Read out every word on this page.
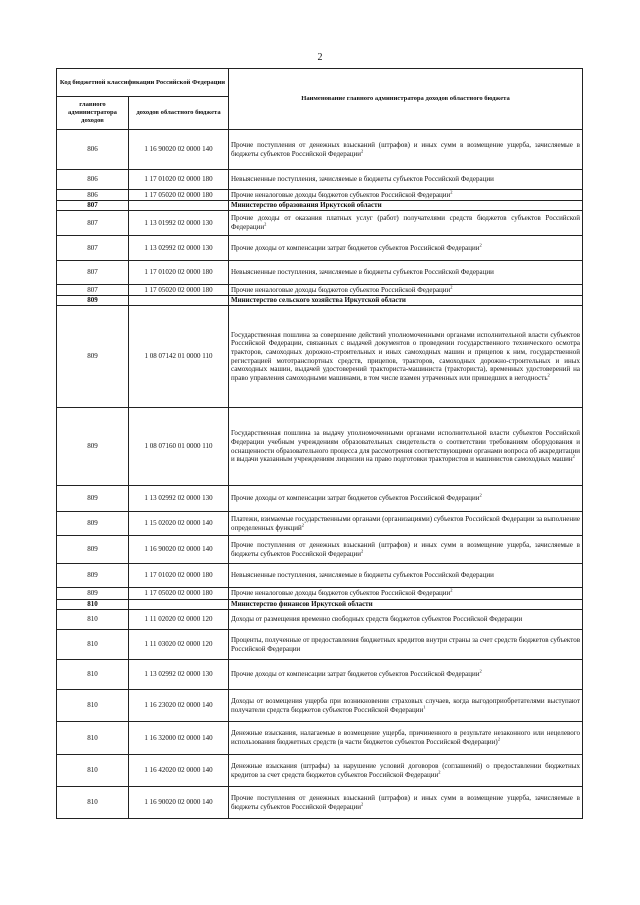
2
Код бюджетной классификации Российской Федерации		Наименование главного администратора доходов областного бюджета
главного администратора доходов	доходов областного бюджета	
806	1 16 90020 02 0000 140	Прочие поступления от денежных взысканий (штрафов) и иных сумм в возмещение ущерба, зачисляемые в бюджеты субъектов Российской Федерации$^2$
806	1 17 01020 02 0000 180	Невыясненные поступления, зачисляемые в бюджеты субъектов Российской Федерации
806	1 17 05020 02 0000 180	Прочие неналоговые доходы бюджетов субъектов Российской Федерации$^2$
807		Министерство образования Иркутской области
807	1 13 01992 02 0000 130	Прочие доходы от оказания платных услуг (работ) получателями средств бюджетов субъектов Российской Федерации$^2$
807	1 13 02992 02 0000 130	Прочие доходы от компенсации затрат бюджетов субъектов Российской Федерации$^2$
807	1 17 01020 02 0000 180	Невыясненные поступления, зачисляемые в бюджеты субъектов Российской Федерации
807	1 17 05020 02 0000 180	Прочие неналоговые доходы бюджетов субъектов Российской Федерации$^2$
809		Министерство сельского хозяйства Иркутской области
809	1 08 07142 01 0000 110	Государственная пошлина за совершение действий уполномоченными органами исполнительной власти субъектов Российской Федерации, связанных с выдачей документов о проведении государственного технического осмотра тракторов, самоходных дорожно-строительных и иных самоходных машин и прицепов к ним, государственной регистрацией мототранспортных средств, прицепов, тракторов, самоходных дорожно-строительных и иных самоходных машин, выдачей удостоверений тракториста-машиниста (тракториста), временных удостоверений на право управления самоходными машинами, в том числе взамен утраченных или пришедших в негодность$^2$
809	1 08 07160 01 0000 110	Государственная пошлина за выдачу уполномоченными органами исполнительной власти субъектов Российской Федерации учебным учреждениям образовательных свидетельств о соответствии требованиям оборудования и оснащенности образовательного процесса для рассмотрения соответствующими органами вопроса об аккредитации и выдачи указанным учреждениям лицензии на право подготовки трактористов и машинистов самоходных машин$^2$
809	1 13 02992 02 0000 130	Прочие доходы от компенсации затрат бюджетов субъектов Российской Федерации$^2$
809	1 15 02020 02 0000 140	Платежи, взимаемые государственными органами (организациями) субъектов Российской Федерации за выполнение определенных функций$^2$
809	1 16 90020 02 0000 140	Прочие поступления от денежных взысканий (штрафов) и иных сумм в возмещение ущерба, зачисляемые в бюджеты субъектов Российской Федерации$^2$
809	1 17 01020 02 0000 180	Невыясненные поступления, зачисляемые в бюджеты субъектов Российской Федерации
809	1 17 05020 02 0000 180	Прочие неналоговые доходы бюджетов субъектов Российской Федерации$^2$
810		Министерство финансов Иркутской области
810	1 11 02020 02 0000 120	Доходы от размещения временно свободных средств бюджетов субъектов Российской Федерации
810	1 11 03020 02 0000 120	Проценты, полученные от предоставления бюджетных кредитов внутри страны за счет средств бюджетов субъектов Российской Федерации
810	1 13 02992 02 0000 130	Прочие доходы от компенсации затрат бюджетов субъектов Российской Федерации$^2$
810	1 16 23020 02 0000 140	Доходы от возмещения ущерба при возникновении страховых случаев, когда выгодоприобретателями выступают получатели средств бюджетов субъектов Российской Федерации$^1$
810	1 16 32000 02 0000 140	Денежные взыскания, налагаемые в возмещение ущерба, причиненного в результате незаконного или нецелевого использования бюджетных средств (в части бюджетов субъектов Российской Федерации)$^2$
810	1 16 42020 02 0000 140	Денежные взыскания (штрафы) за нарушение условий договоров (соглашений) о предоставлении бюджетных кредитов за счет средств бюджетов субъектов Российской Федерации$^2$
810	1 16 90020 02 0000 140	Прочие поступления от денежных взысканий (штрафов) и иных сумм в возмещение ущерба, зачисляемые в бюджеты субъектов Российской Федерации$^2$
